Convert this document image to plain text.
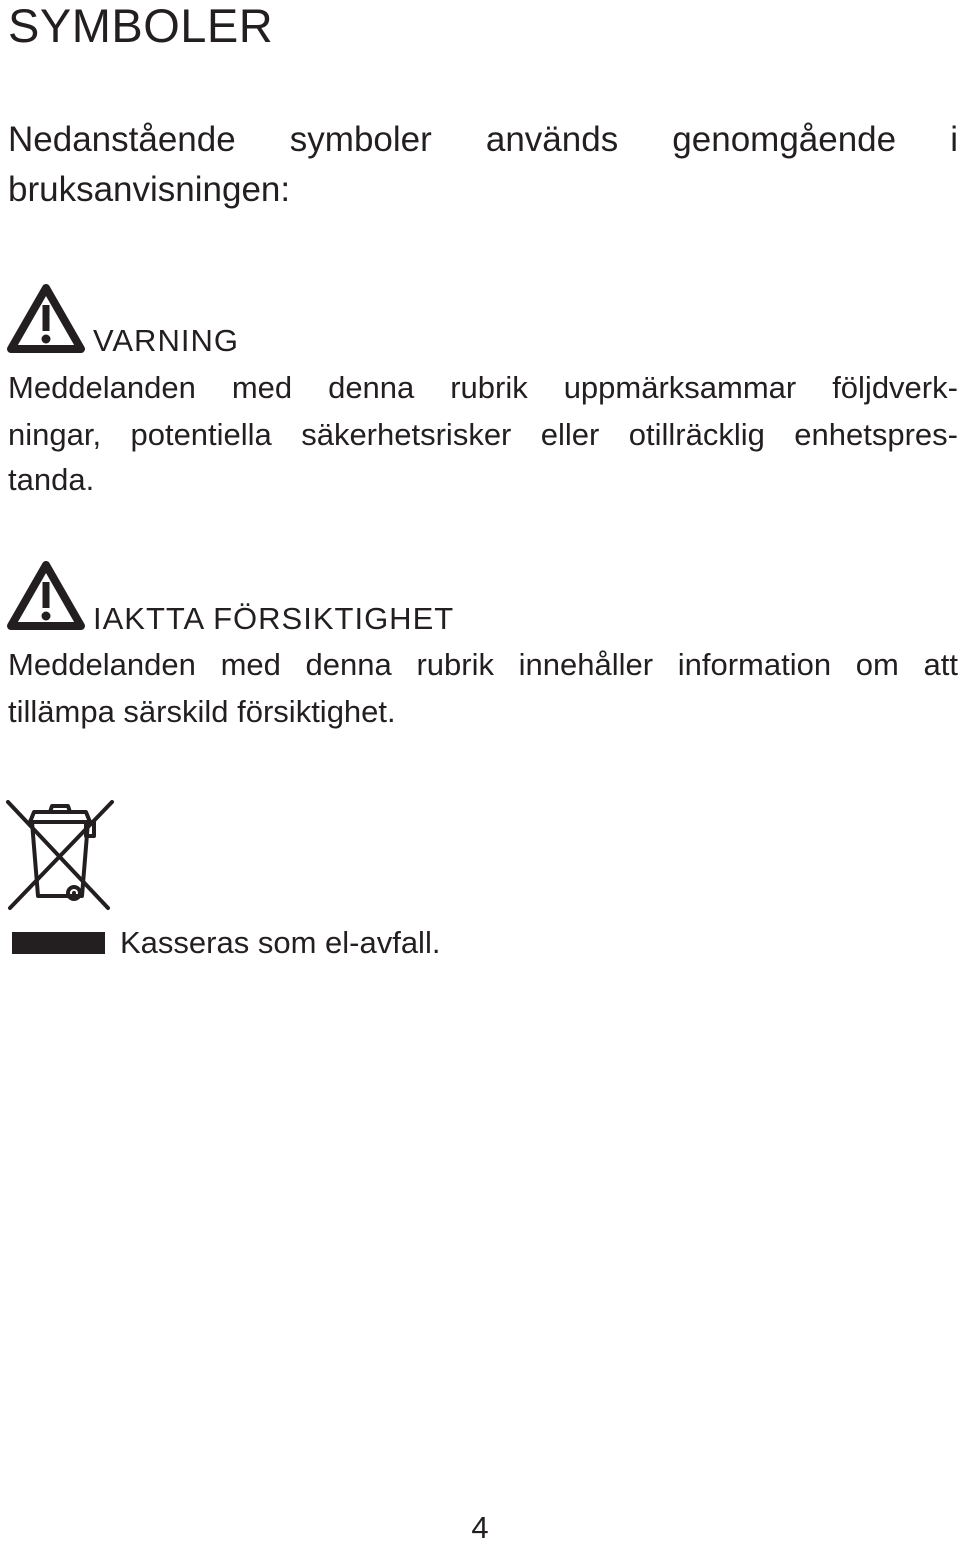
SYMBOLER
Nedanstående symboler används genomgående i
bruksanvisningen:
VARNING
Meddelanden med denna rubrik uppmärksammar följdverk-
ningar, potentiella säkerhetsrisker eller otillräcklig enhetspres-
tanda.
IAKTTA FÖRSIKTIGHET
Meddelanden med denna rubrik innehåller information om att
tillämpa särskild försiktighet.
Kasseras som el-avfall.
4
